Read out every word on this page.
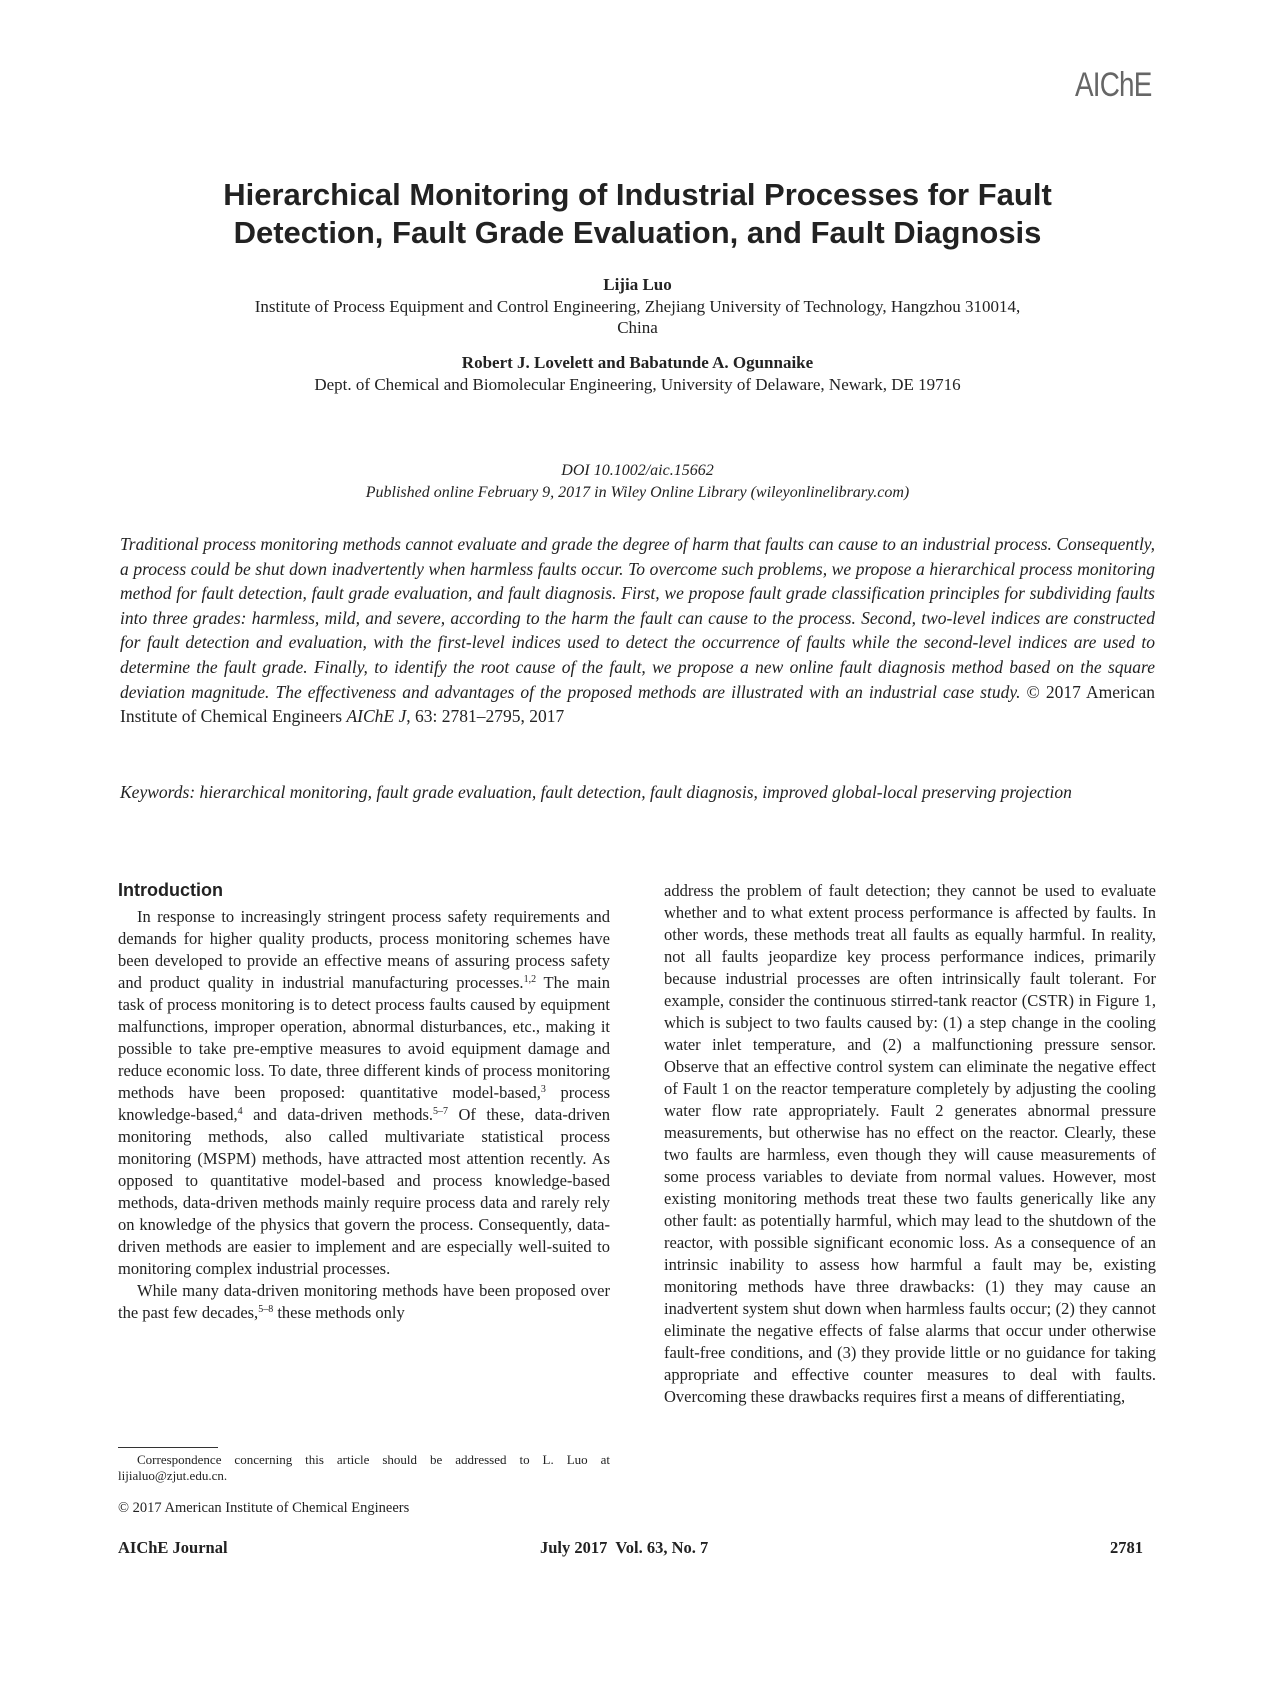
AIChE
Hierarchical Monitoring of Industrial Processes for Fault
Detection, Fault Grade Evaluation, and Fault Diagnosis
Lijia Luo
Institute of Process Equipment and Control Engineering, Zhejiang University of Technology, Hangzhou 310014,
China
Robert J. Lovelett and Babatunde A. Ogunnaike
Dept. of Chemical and Biomolecular Engineering, University of Delaware, Newark, DE 19716
DOI 10.1002/aic.15662
Published online February 9, 2017 in Wiley Online Library (wileyonlinelibrary.com)
Traditional process monitoring methods cannot evaluate and grade the degree of harm that faults can cause to an industrial process. Consequently, a process could be shut down inadvertently when harmless faults occur. To overcome such problems, we propose a hierarchical process monitoring method for fault detection, fault grade evaluation, and fault diagnosis. First, we propose fault grade classification principles for subdividing faults into three grades: harmless, mild, and severe, according to the harm the fault can cause to the process. Second, two-level indices are constructed for fault detection and evaluation, with the first-level indices used to detect the occurrence of faults while the second-level indices are used to determine the fault grade. Finally, to identify the root cause of the fault, we propose a new online fault diagnosis method based on the square deviation magnitude. The effectiveness and advantages of the proposed methods are illustrated with an industrial case study. © 2017 American Institute of Chemical Engineers AIChE J, 63: 2781–2795, 2017
Keywords: hierarchical monitoring, fault grade evaluation, fault detection, fault diagnosis, improved global-local preserving projection
Introduction

In response to increasingly stringent process safety requirements and demands for higher quality products, process monitoring schemes have been developed to provide an effective means of assuring process safety and product quality in industrial manufacturing processes.$^{1,2}$ The main task of process monitoring is to detect process faults caused by equipment malfunctions, improper operation, abnormal disturbances, etc., making it possible to take pre-emptive measures to avoid equipment damage and reduce economic loss. To date, three different kinds of process monitoring methods have been proposed: quantitative model-based,$^3$ process knowledge-based,$^4$ and data-driven methods.$^{5-7}$ Of these, data-driven monitoring methods, also called multivariate statistical process monitoring (MSPM) methods, have attracted most attention recently. As opposed to quantitative model-based and process knowledge-based methods, data-driven methods mainly require process data and rarely rely on knowledge of the physics that govern the process. Consequently, data-driven methods are easier to implement and are especially well-suited to monitoring complex industrial processes.

While many data-driven monitoring methods have been proposed over the past few decades,$^{5-8}$ these methods only

Correspondence concerning this article should be addressed to L. Luo at lijialuo@zjut.edu.cn.
© 2017 American Institute of Chemical Engineers

address the problem of fault detection; they cannot be used to evaluate whether and to what extent process performance is affected by faults. In other words, these methods treat all faults as equally harmful. In reality, not all faults jeopardize key process performance indices, primarily because industrial processes are often intrinsically fault tolerant. For example, consider the continuous stirred-tank reactor (CSTR) in Figure 1, which is subject to two faults caused by: (1) a step change in the cooling water inlet temperature, and (2) a malfunctioning pressure sensor. Observe that an effective control system can eliminate the negative effect of Fault 1 on the reactor temperature completely by adjusting the cooling water flow rate appropriately. Fault 2 generates abnormal pressure measurements, but otherwise has no effect on the reactor. Clearly, these two faults are harmless, even though they will cause measurements of some process variables to deviate from normal values. However, most existing monitoring methods treat these two faults generically like any other fault: as potentially harmful, which may lead to the shutdown of the reactor, with possible significant economic loss. As a consequence of an intrinsic inability to assess how harmful a fault may be, existing monitoring methods have three drawbacks: (1) they may cause an inadvertent system shut down when harmless faults occur; (2) they cannot eliminate the negative effects of false alarms that occur under otherwise fault-free conditions, and (3) they provide little or no guidance for taking appropriate and effective counter measures to deal with faults. Overcoming these drawbacks requires first a means of differentiating,

AIChE Journal	July 2017  Vol. 63, No. 7	2781
